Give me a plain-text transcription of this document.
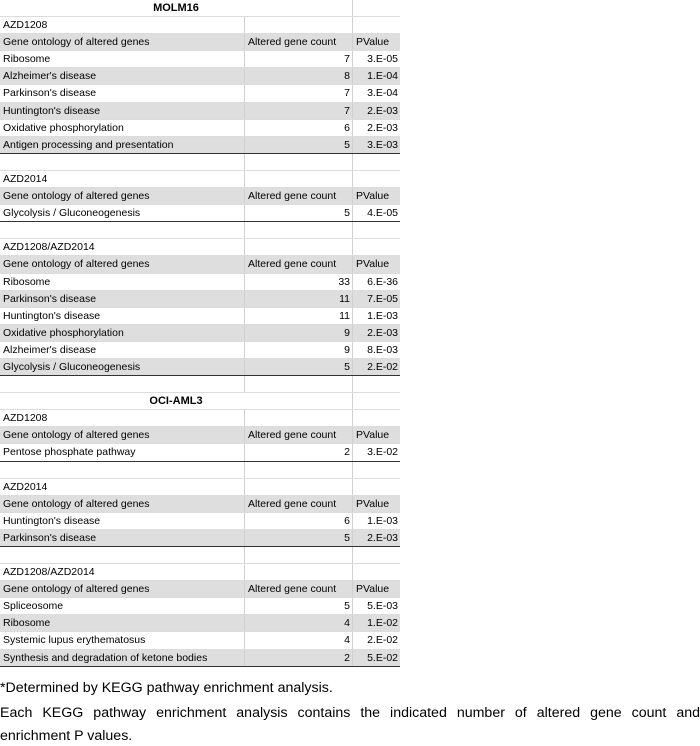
MOLM16
AZD1208
Gene ontology of altered genes	Altered gene count	PValue
Ribosome	7	3.E-05
Alzheimer's disease	8	1.E-04
Parkinson's disease	7	3.E-04
Huntington's disease	7	2.E-03
Oxidative phosphorylation	6	2.E-03
Antigen processing and presentation	5	3.E-03
AZD2014
Gene ontology of altered genes	Altered gene count	PValue
Glycolysis / Gluconeogenesis	5	4.E-05
AZD1208/AZD2014
Gene ontology of altered genes	Altered gene count	PValue
Ribosome	33	6.E-36
Parkinson's disease	11	7.E-05
Huntington's disease	11	1.E-03
Oxidative phosphorylation	9	2.E-03
Alzheimer's disease	9	8.E-03
Glycolysis / Gluconeogenesis	5	2.E-02
OCI-AML3
AZD1208
Gene ontology of altered genes	Altered gene count	PValue
Pentose phosphate pathway	2	3.E-02
AZD2014
Gene ontology of altered genes	Altered gene count	PValue
Huntington's disease	6	1.E-03
Parkinson's disease	5	2.E-03
AZD1208/AZD2014
Gene ontology of altered genes	Altered gene count	PValue
Spliceosome	5	5.E-03
Ribosome	4	1.E-02
Systemic lupus erythematosus	4	2.E-02
Synthesis and degradation of ketone bodies	2	5.E-02
*Determined by KEGG pathway enrichment analysis.
Each KEGG pathway enrichment analysis contains the indicated number of altered gene count and
enrichment P values.
